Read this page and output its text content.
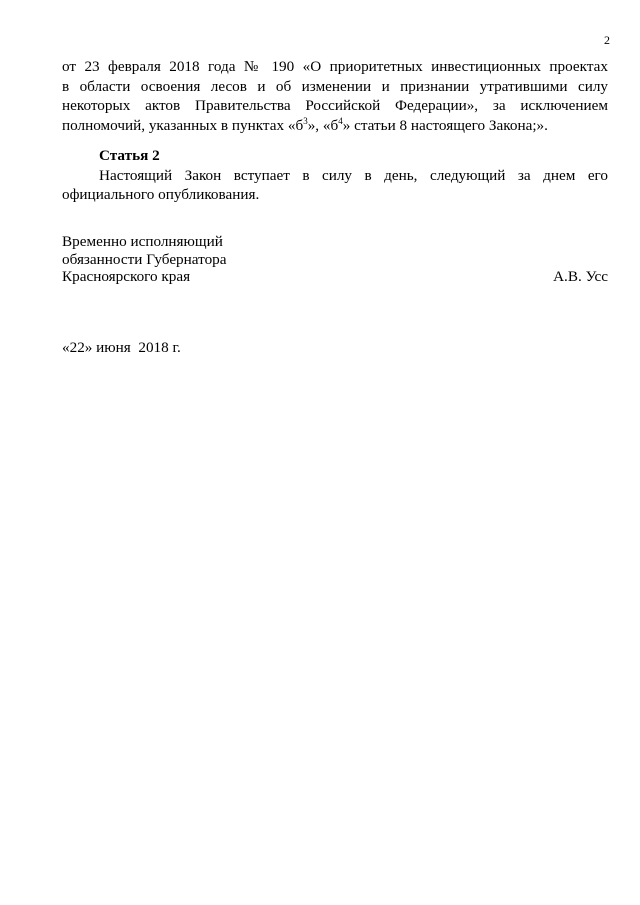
2

от 23 февраля 2018 года № 190 «О приоритетных инвестиционных проектах
в области освоения лесов и об изменении и признании утратившими силу
некоторых актов Правительства Российской Федерации», за исключением
полномочий, указанных в пунктах «$б^3$», «$б^4$» статьи 8 настоящего Закона;».

Статья 2

Настоящий Закон вступает в силу в день, следующий за днем его
официального опубликования.

Временно исполняющий
обязанности Губернатора
Красноярского края	А.В. Усс
«22» июня  2018 г.
